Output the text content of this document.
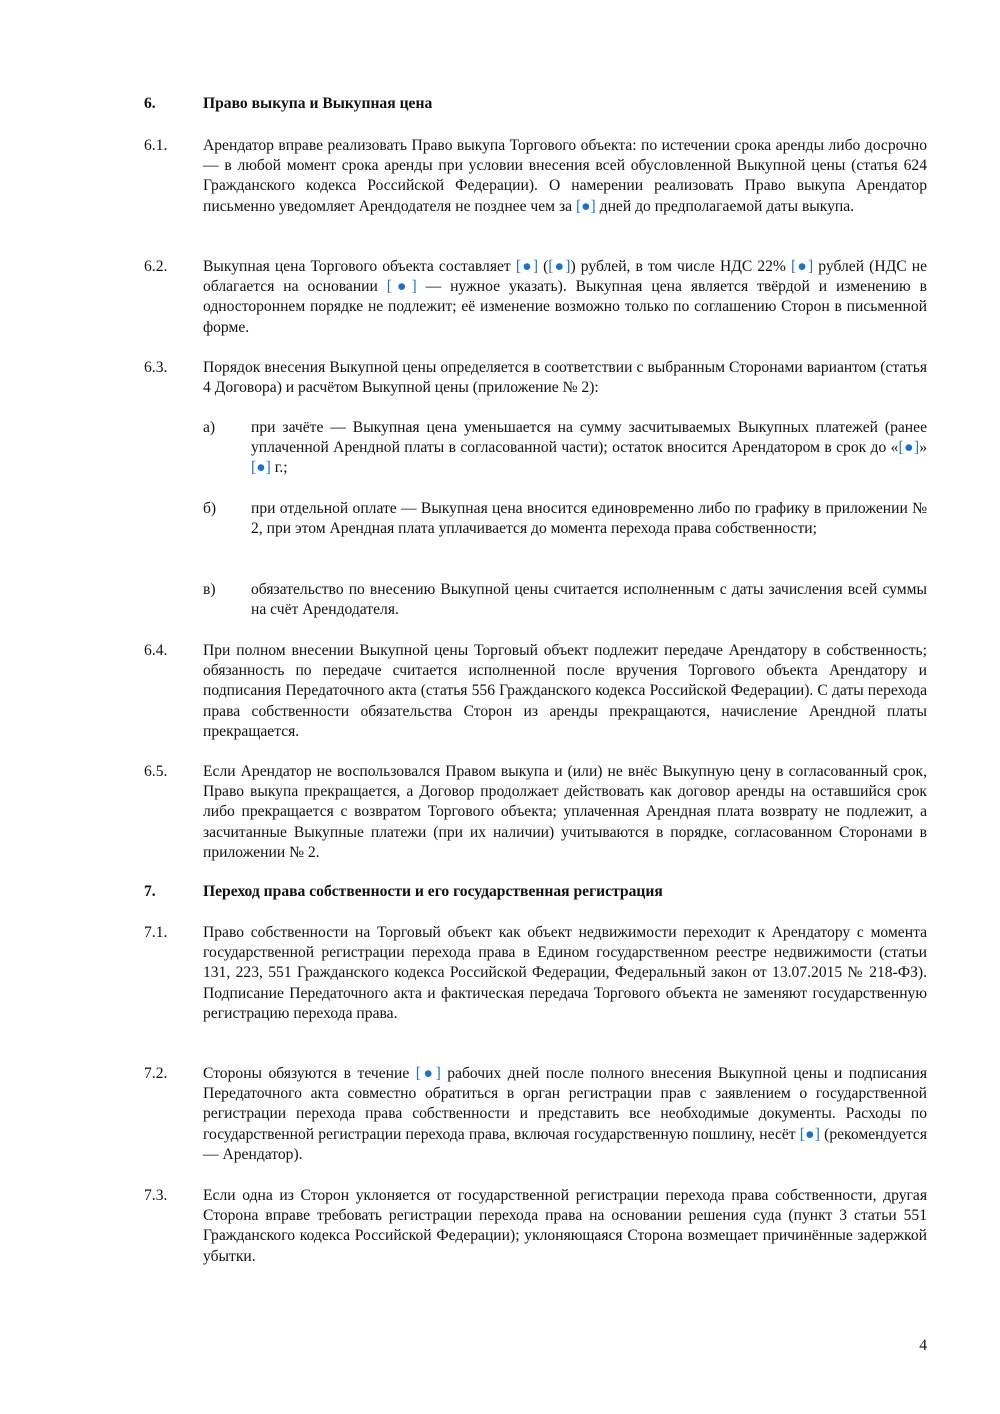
6.	Право выкупа и Выкупная цена
6.1. Арендатор вправе реализовать Право выкупа Торгового объекта: по истечении срока аренды либо досрочно — в любой момент срока аренды при условии внесения всей обусловленной Выкупной цены (статья 624 Гражданского кодекса Российской Федерации). О намерении реализовать Право выкупа Арендатор письменно уведомляет Арендодателя не позднее чем за [●] дней до предполагаемой даты выкупа.
6.2. Выкупная цена Торгового объекта составляет [●] ([●]) рублей, в том числе НДС 22% [●] рублей (НДС не облагается на основании [●] — нужное указать). Выкупная цена является твёрдой и изменению в одностороннем порядке не подлежит; её изменение возможно только по соглашению Сторон в письменной форме.
6.3. Порядок внесения Выкупной цены определяется в соответствии с выбранным Сторонами вариантом (статья 4 Договора) и расчётом Выкупной цены (приложение № 2):
а) при зачёте — Выкупная цена уменьшается на сумму засчитываемых Выкупных платежей (ранее уплаченной Арендной платы в согласованной части); остаток вносится Арендатором в срок до «[●]» [●] г.;
б) при отдельной оплате — Выкупная цена вносится единовременно либо по графику в приложении № 2, при этом Арендная плата уплачивается до момента перехода права собственности;
в) обязательство по внесению Выкупной цены считается исполненным с даты зачисления всей суммы на счёт Арендодателя.
6.4. При полном внесении Выкупной цены Торговый объект подлежит передаче Арендатору в собственность; обязанность по передаче считается исполненной после вручения Торгового объекта Арендатору и подписания Передаточного акта (статья 556 Гражданского кодекса Российской Федерации). С даты перехода права собственности обязательства Сторон из аренды прекращаются, начисление Арендной платы прекращается.
6.5. Если Арендатор не воспользовался Правом выкупа и (или) не внёс Выкупную цену в согласованный срок, Право выкупа прекращается, а Договор продолжает действовать как договор аренды на оставшийся срок либо прекращается с возвратом Торгового объекта; уплаченная Арендная плата возврату не подлежит, а засчитанные Выкупные платежи (при их наличии) учитываются в порядке, согласованном Сторонами в приложении № 2.
7.	Переход права собственности и его государственная регистрация
7.1. Право собственности на Торговый объект как объект недвижимости переходит к Арендатору с момента государственной регистрации перехода права в Едином государственном реестре недвижимости (статьи 131, 223, 551 Гражданского кодекса Российской Федерации, Федеральный закон от 13.07.2015 № 218-ФЗ). Подписание Передаточного акта и фактическая передача Торгового объекта не заменяют государственную регистрацию перехода права.
7.2. Стороны обязуются в течение [●] рабочих дней после полного внесения Выкупной цены и подписания Передаточного акта совместно обратиться в орган регистрации прав с заявлением о государственной регистрации перехода права собственности и представить все необходимые документы. Расходы по государственной регистрации перехода права, включая государственную пошлину, несёт [●] (рекомендуется — Арендатор).
7.3. Если одна из Сторон уклоняется от государственной регистрации перехода права собственности, другая Сторона вправе требовать регистрации перехода права на основании решения суда (пункт 3 статьи 551 Гражданского кодекса Российской Федерации); уклоняющаяся Сторона возмещает причинённые задержкой убытки.
4
